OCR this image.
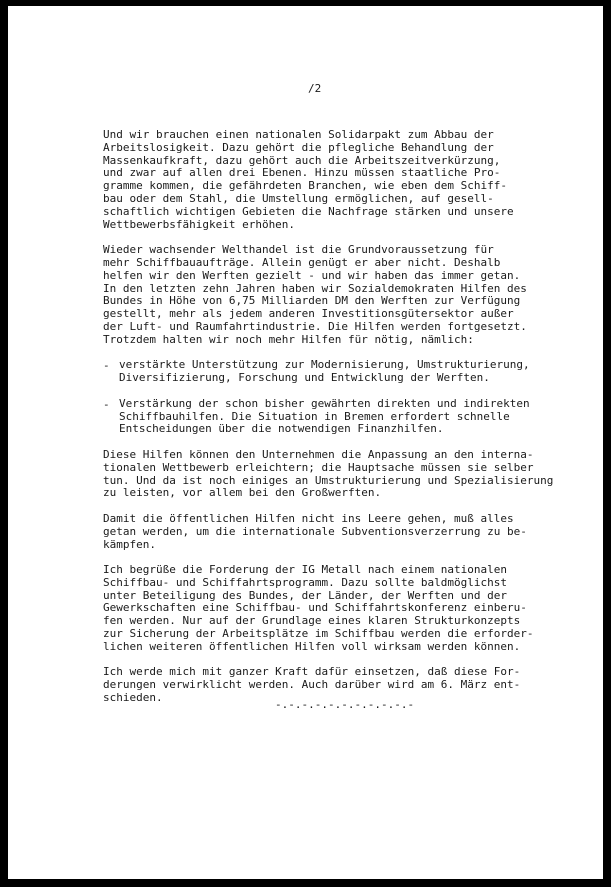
/2
Und wir brauchen einen nationalen Solidarpakt zum Abbau der
Arbeitslosigkeit. Dazu gehört die pflegliche Behandlung der
Massenkaufkraft, dazu gehört auch die Arbeitszeitverkürzung,
und zwar auf allen drei Ebenen. Hinzu müssen staatliche Pro-
gramme kommen, die gefährdeten Branchen, wie eben dem Schiff-
bau oder dem Stahl, die Umstellung ermöglichen, auf gesell-
schaftlich wichtigen Gebieten die Nachfrage stärken und unsere
Wettbewerbsfähigkeit erhöhen.
Wieder wachsender Welthandel ist die Grundvoraussetzung für
mehr Schiffbauaufträge. Allein genügt er aber nicht. Deshalb
helfen wir den Werften gezielt - und wir haben das immer getan.
In den letzten zehn Jahren haben wir Sozialdemokraten Hilfen des
Bundes in Höhe von 6,75 Milliarden DM den Werften zur Verfügung
gestellt, mehr als jedem anderen Investitionsgütersektor außer
der Luft- und Raumfahrtindustrie. Die Hilfen werden fortgesetzt.
Trotzdem halten wir noch mehr Hilfen für nötig, nämlich:
- verstärkte Unterstützung zur Modernisierung, Umstrukturierung,
Diversifizierung, Forschung und Entwicklung der Werften.
- Verstärkung der schon bisher gewährten direkten und indirekten
Schiffbauhilfen. Die Situation in Bremen erfordert schnelle
Entscheidungen über die notwendigen Finanzhilfen.
Diese Hilfen können den Unternehmen die Anpassung an den interna-
tionalen Wettbewerb erleichtern; die Hauptsache müssen sie selber
tun. Und da ist noch einiges an Umstrukturierung und Spezialisierung
zu leisten, vor allem bei den Großwerften.
Damit die öffentlichen Hilfen nicht ins Leere gehen, muß alles
getan werden, um die internationale Subventionsverzerrung zu be-
kämpfen.
Ich begrüße die Forderung der IG Metall nach einem nationalen
Schiffbau- und Schiffahrtsprogramm. Dazu sollte baldmöglichst
unter Beteiligung des Bundes, der Länder, der Werften und der
Gewerkschaften eine Schiffbau- und Schiffahrtskonferenz einberu-
fen werden. Nur auf der Grundlage eines klaren Strukturkonzepts
zur Sicherung der Arbeitsplätze im Schiffbau werden die erforder-
lichen weiteren öffentlichen Hilfen voll wirksam werden können.
Ich werde mich mit ganzer Kraft dafür einsetzen, daß diese For-
derungen verwirklicht werden. Auch darüber wird am 6. März ent-
schieden.
-.-.-.-.-.-.-.-.-.-.-
